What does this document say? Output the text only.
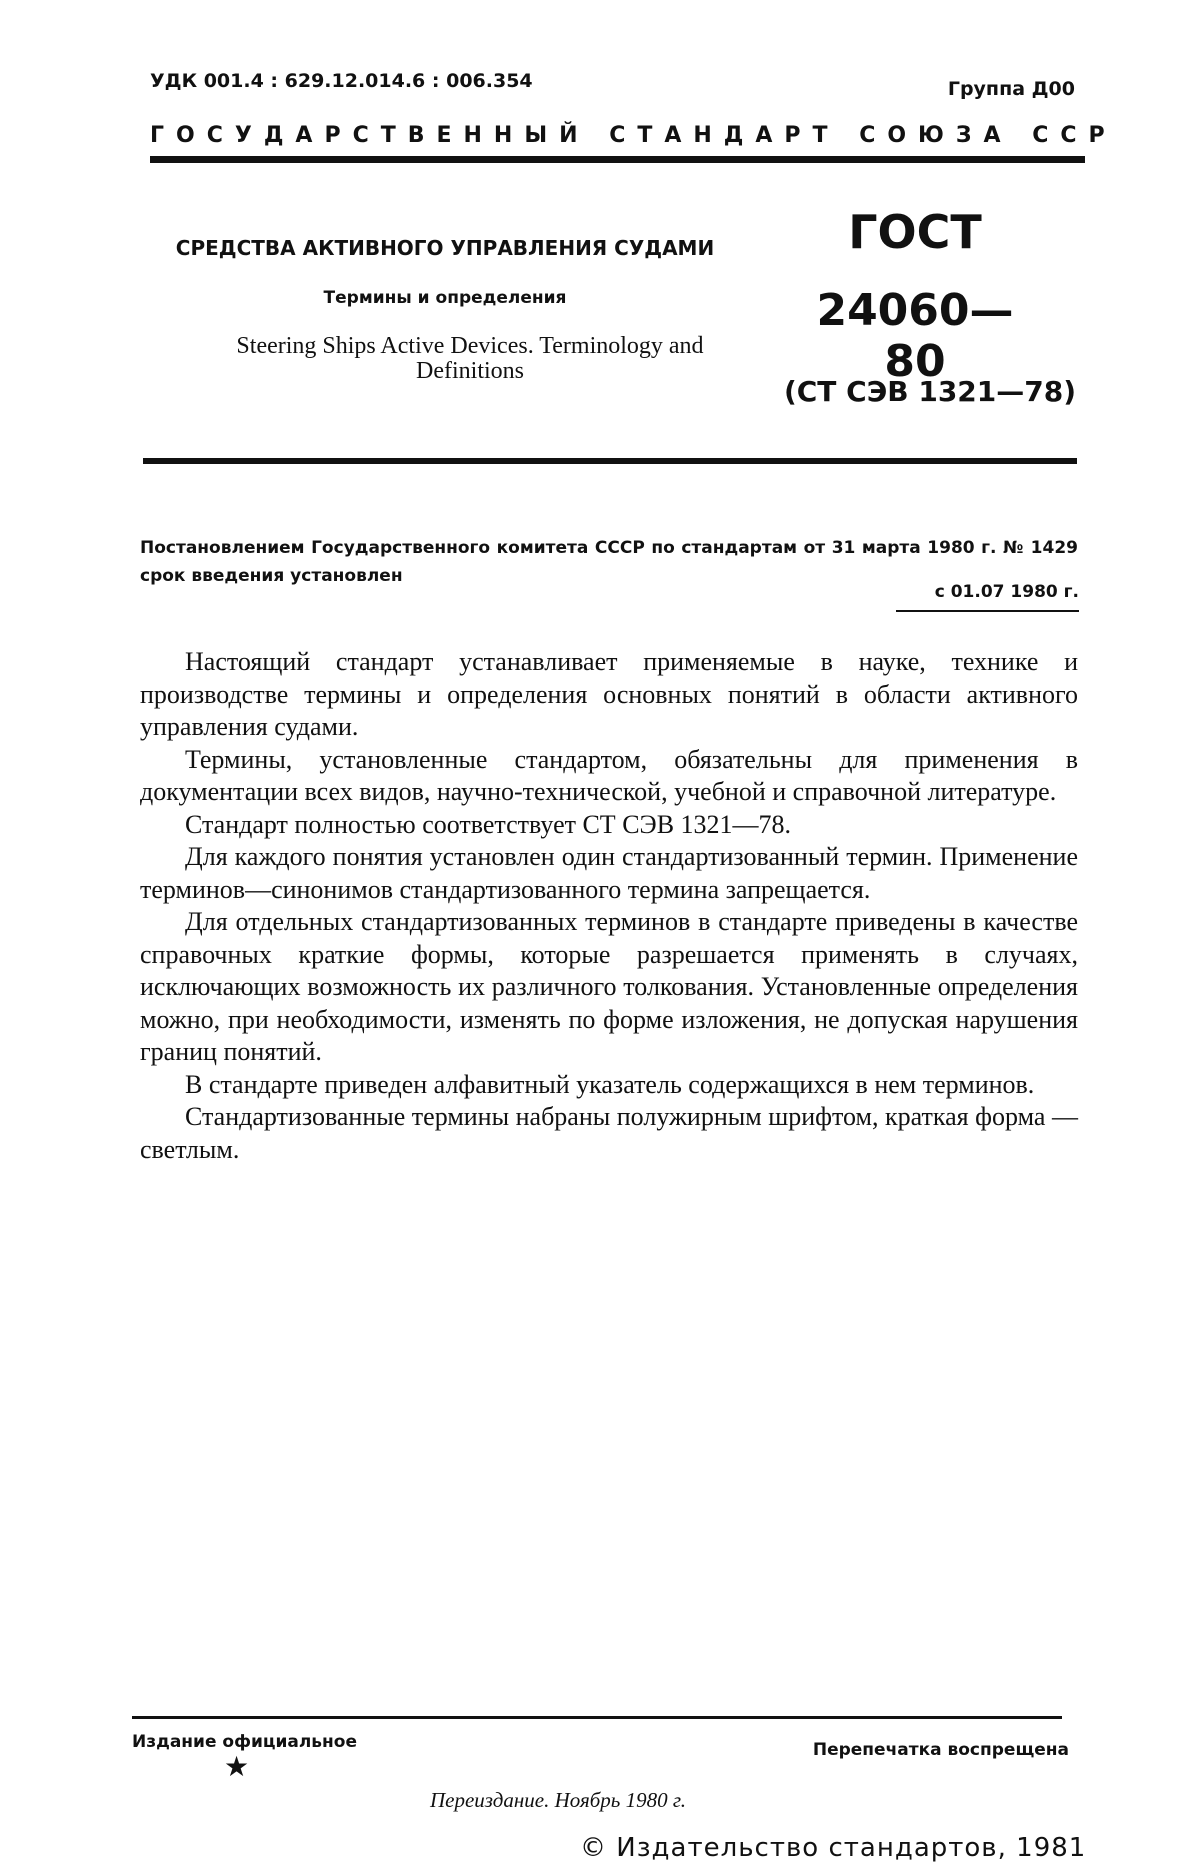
УДК 001.4 : 629.12.014.6 : 006.354	Группа Д00
ГОСУДАРСТВЕННЫЙ СТАНДАРТ СОЮЗА ССР
СРЕДСТВА АКТИВНОГО УПРАВЛЕНИЯ СУДАМИ
Термины и определения
Steering Ships Active Devices. Terminology and Definitions
ГОСТ
24060—80
(СТ СЭВ 1321—78)
Постановлением Государственного комитета СССР по стандартам от 31 марта 1980 г. № 1429 срок введения установлен
с 01.07 1980 г.

Настоящий стандарт устанавливает применяемые в науке, технике и производстве термины и определения основных понятий в области активного управления судами.

Термины, установленные стандартом, обязательны для применения в документации всех видов, научно-технической, учебной и справочной литературе.

Стандарт полностью соответствует СТ СЭВ 1321—78.

Для каждого понятия установлен один стандартизованный термин. Применение терминов—синонимов стандартизованного термина запрещается.

Для отдельных стандартизованных терминов в стандарте приведены в качестве справочных краткие формы, которые разрешается применять в случаях, исключающих возможность их различного толкования. Установленные определения можно, при необходимости, изменять по форме изложения, не допуская нарушения границ понятий.

В стандарте приведен алфавитный указатель содержащихся в нем терминов.

Стандартизованные термины набраны полужирным шрифтом, краткая форма — светлым.

Издание официальное
★
Перепечатка воспрещена
Переиздание. Ноябрь 1980 г.
© Издательство стандартов, 1981
